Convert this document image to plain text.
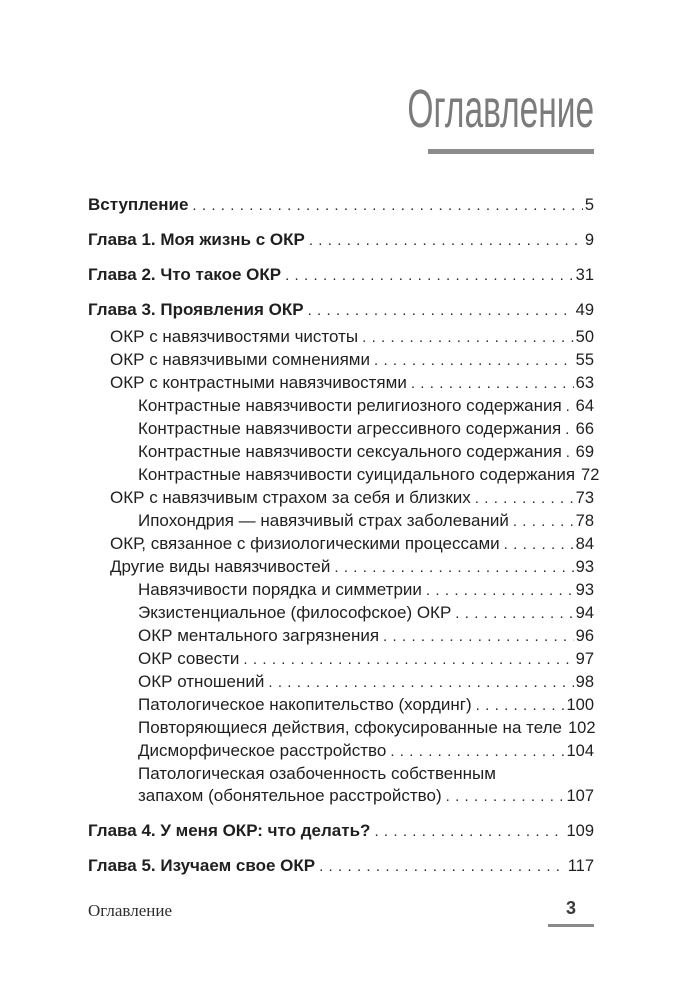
Оглавление
Вступление .....	5
Глава 1. Моя жизнь с ОКР .....	9
Глава 2. Что такое ОКР .....	31
Глава 3. Проявления ОКР .....	49
ОКР с навязчивостями чистоты .....	50
ОКР с навязчивыми сомнениями .....	55
ОКР с контрастными навязчивостями .....	63
Контрастные навязчивости религиозного содержания ..... 64
Контрастные навязчивости агрессивного содержания ..... 66
Контрастные навязчивости сексуального содержания ..... 69
Контрастные навязчивости суицидального содержания 72
ОКР с навязчивым страхом за себя и близких .....	73
Ипохондрия — навязчивый страх заболеваний .....	78
ОКР, связанное с физиологическими процессами .....	84
Другие виды навязчивостей .....	93
Навязчивости порядка и симметрии .....	93
Экзистенциальное (философское) ОКР .....	94
ОКР ментального загрязнения .....	96
ОКР совести .....	97
ОКР отношений .....	98
Патологическое накопительство (хординг) .....	100
Повторяющиеся действия, сфокусированные на теле 102
Дисморфическое расстройство .....	104
Патологическая озабоченность собственным
запахом (обонятельное расстройство) .....	107
Глава 4. У меня ОКР: что делать? .....	109
Глава 5. Изучаем свое ОКР .....	117
Оглавление	3
